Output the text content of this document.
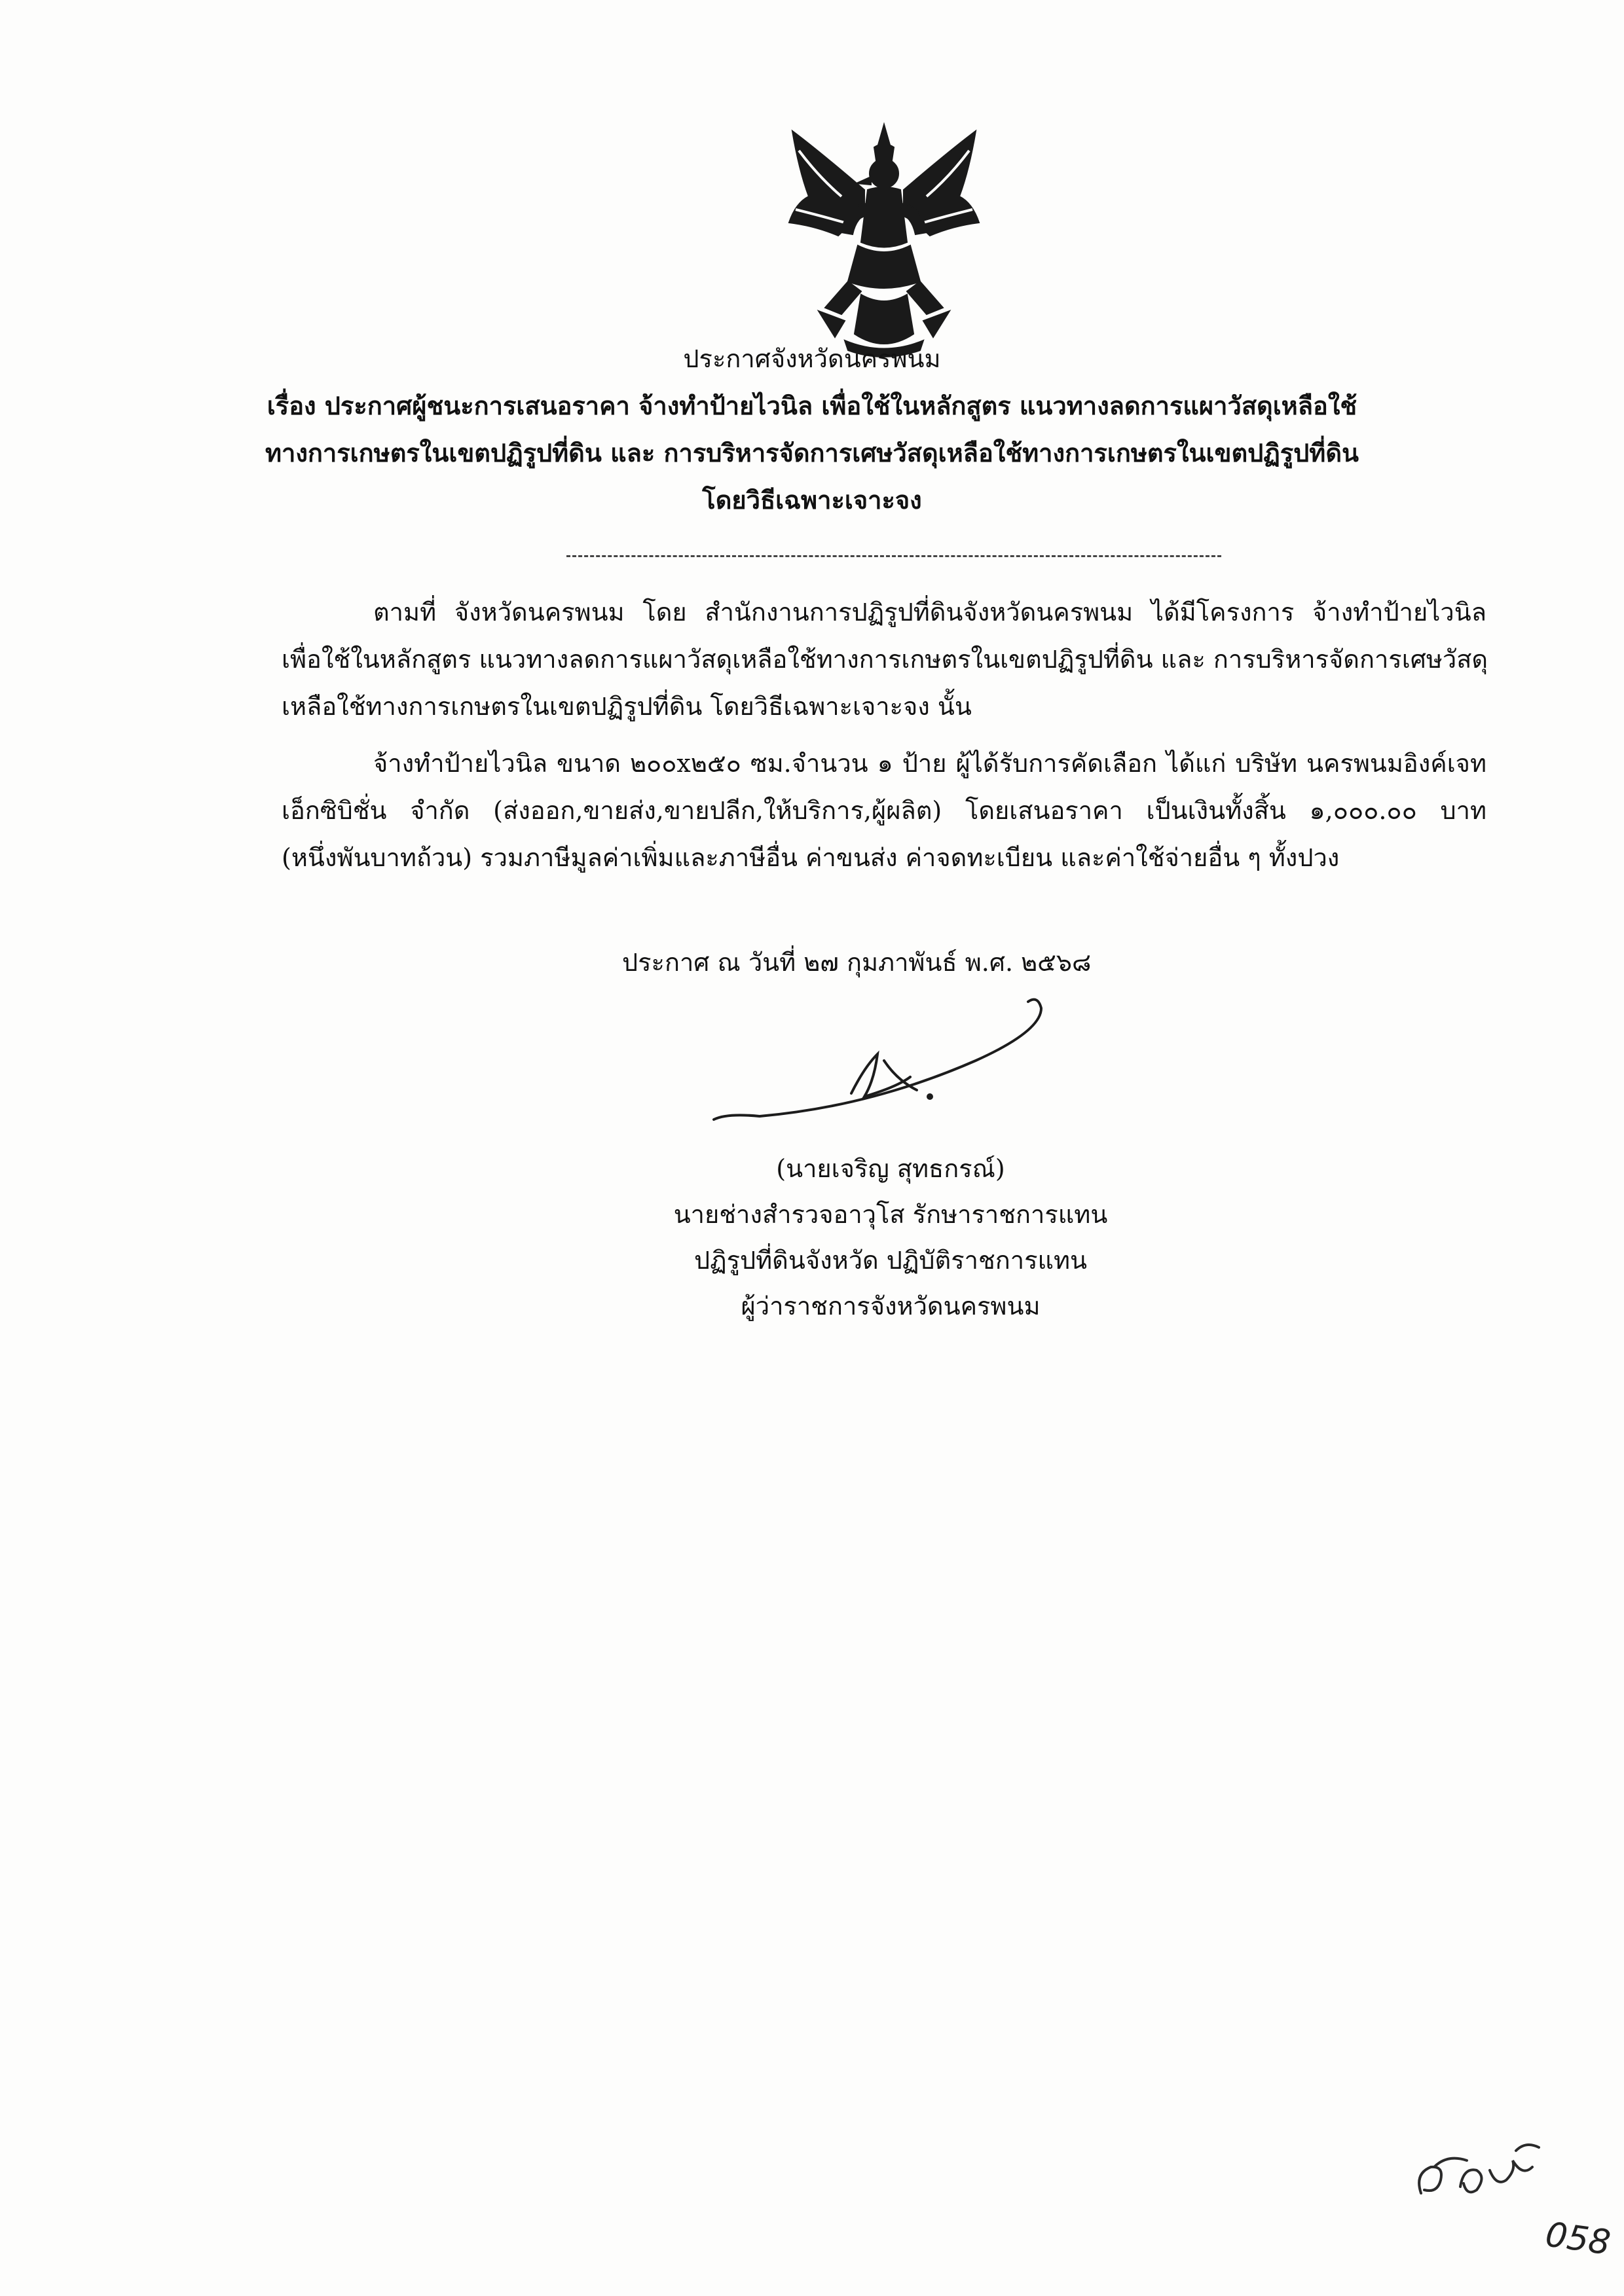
ประกาศจังหวัดนครพนม
เรื่อง ประกาศผู้ชนะการเสนอราคา จ้างทำป้ายไวนิล เพื่อใช้ในหลักสูตร แนวทางลดการแผาวัสดุเหลือใช้
ทางการเกษตรในเขตปฏิรูปที่ดิน และ การบริหารจัดการเศษวัสดุเหลือใช้ทางการเกษตรในเขตปฏิรูปที่ดิน
โดยวิธีเฉพาะเจาะจง
ตามที่ จังหวัดนครพนม โดย สำนักงานการปฏิรูปที่ดินจังหวัดนครพนม ได้มีโครงการ จ้างทำป้ายไวนิล
เพื่อใช้ในหลักสูตร แนวทางลดการแผาวัสดุเหลือใช้ทางการเกษตรในเขตปฏิรูปที่ดิน และ การบริหารจัดการเศษวัสดุ
เหลือใช้ทางการเกษตรในเขตปฏิรูปที่ดิน โดยวิธีเฉพาะเจาะจง นั้น
จ้างทำป้ายไวนิล ขนาด ๒๐๐x๒๕๐ ซม.จำนวน ๑ ป้าย ผู้ได้รับการคัดเลือก ได้แก่ บริษัท นครพนมอิงค์เจท
เอ็กซิบิชั่น จำกัด (ส่งออก,ขายส่ง,ขายปลีก,ให้บริการ,ผู้ผลิต) โดยเสนอราคา เป็นเงินทั้งสิ้น ๑,๐๐๐.๐๐ บาท
(หนึ่งพันบาทถ้วน) รวมภาษีมูลค่าเพิ่มและภาษีอื่น ค่าขนส่ง ค่าจดทะเบียน และค่าใช้จ่ายอื่น ๆ ทั้งปวง
ประกาศ ณ วันที่ ๒๗ กุมภาพันธ์ พ.ศ. ๒๕๖๘
(นายเจริญ สุทธกรณ์)
นายช่างสำรวจอาวุโส รักษาราชการแทน
ปฏิรูปที่ดินจังหวัด ปฏิบัติราชการแทน
ผู้ว่าราชการจังหวัดนครพนม
058
